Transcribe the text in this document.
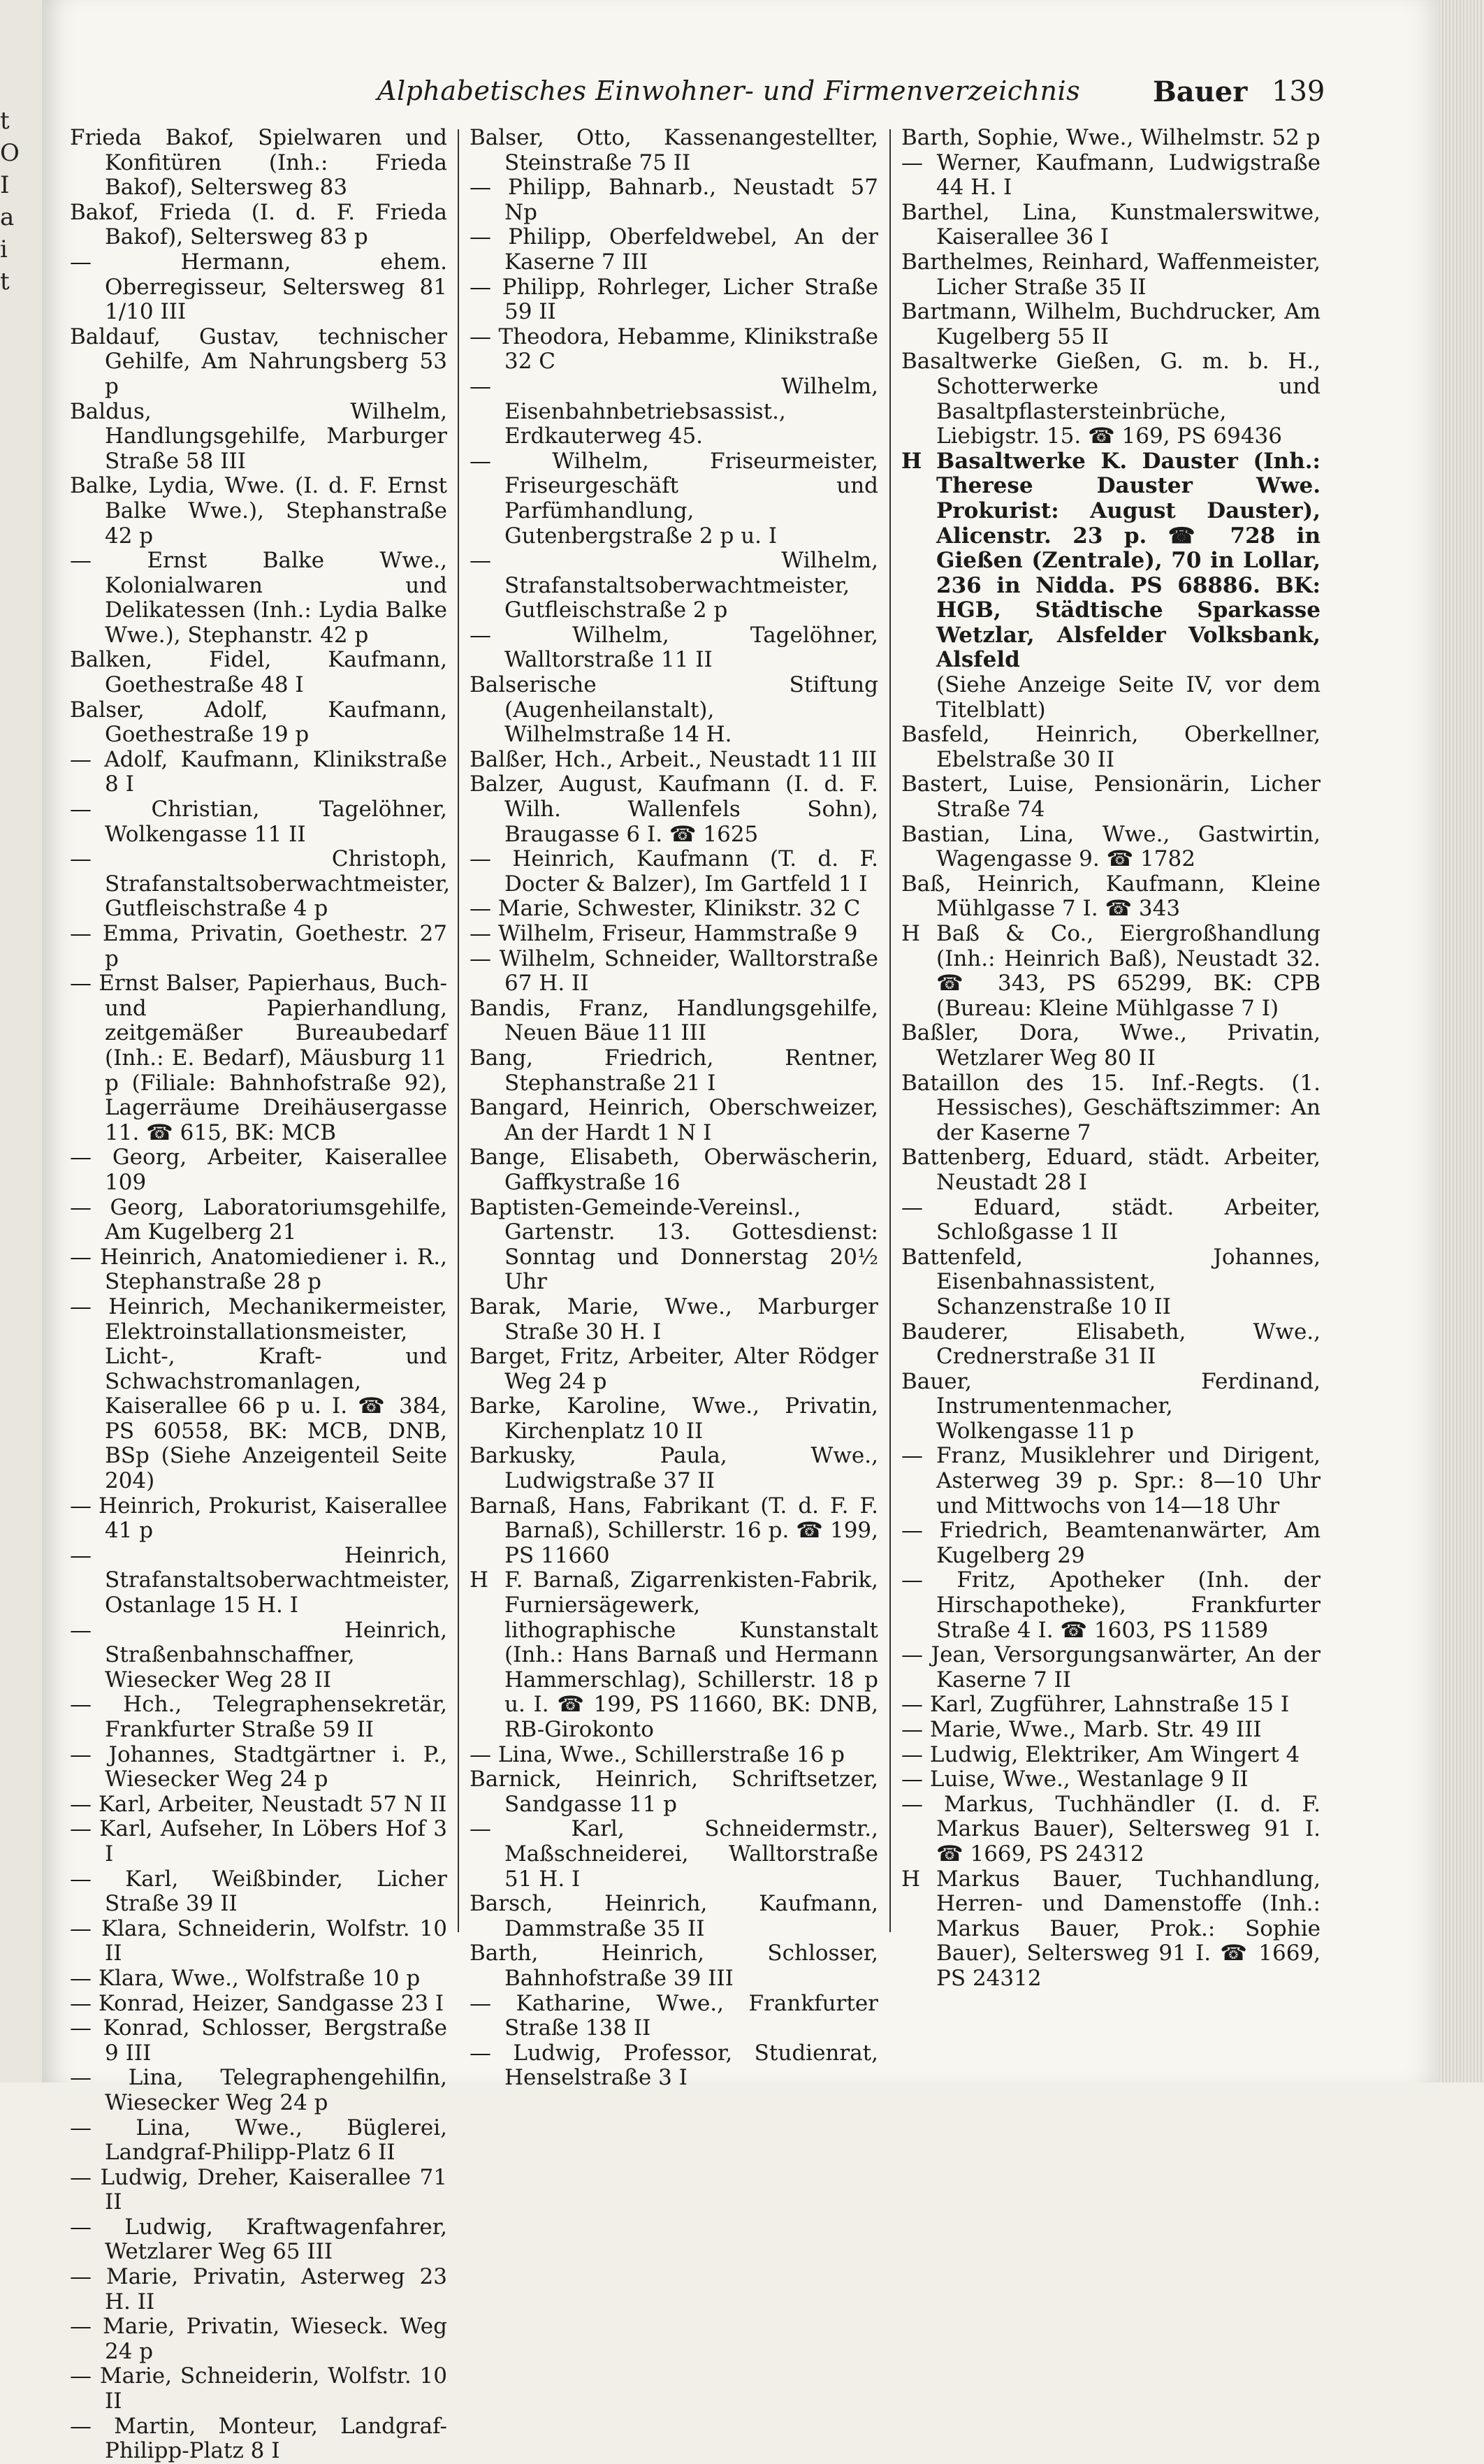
t
O
I
a
i
t
Alphabetisches Einwohner- und Firmenverzeichnis	Bauer 139

Frieda Bakof, Spielwaren und Konfitüren (Inh.: Frieda Bakof), Seltersweg 83

Bakof, Frieda (I. d. F. Frieda Bakof), Seltersweg 83 p

— Hermann, ehem. Oberregisseur, Seltersweg 81 1/10 III

Baldauf, Gustav, technischer Gehilfe, Am Nahrungsberg 53 p

Baldus, Wilhelm, Handlungsgehilfe, Marburger Straße 58 III

Balke, Lydia, Wwe. (I. d. F. Ernst Balke Wwe.), Stephanstraße 42 p

— Ernst Balke Wwe., Kolonialwaren und Delikatessen (Inh.: Lydia Balke Wwe.), Stephanstr. 42 p

Balken, Fidel, Kaufmann, Goethestraße 48 I

Balser, Adolf, Kaufmann, Goethestraße 19 p

— Adolf, Kaufmann, Klinikstraße 8 I

— Christian, Tagelöhner, Wolkengasse 11 II

— Christoph, Strafanstaltsoberwachtmeister, Gutfleischstraße 4 p

— Emma, Privatin, Goethestr. 27 p

— Ernst Balser, Papierhaus, Buch- und Papierhandlung, zeitgemäßer Bureaubedarf (Inh.: E. Bedarf), Mäusburg 11 p (Filiale: Bahnhofstraße 92), Lagerräume Dreihäusergasse 11. ☎ 615, BK: MCB

— Georg, Arbeiter, Kaiserallee 109

— Georg, Laboratoriumsgehilfe, Am Kugelberg 21

— Heinrich, Anatomiediener i. R., Stephanstraße 28 p

— Heinrich, Mechanikermeister, Elektroinstallationsmeister, Licht-, Kraft- und Schwachstromanlagen, Kaiserallee 66 p u. I. ☎ 384, PS 60558, BK: MCB, DNB, BSp (Siehe Anzeigenteil Seite 204)

— Heinrich, Prokurist, Kaiserallee 41 p

— Heinrich, Strafanstaltsoberwachtmeister, Ostanlage 15 H. I

— Heinrich, Straßenbahnschaffner, Wiesecker Weg 28 II

— Hch., Telegraphensekretär, Frankfurter Straße 59 II

— Johannes, Stadtgärtner i. P., Wiesecker Weg 24 p

— Karl, Arbeiter, Neustadt 57 N II

— Karl, Aufseher, In Löbers Hof 3 I

— Karl, Weißbinder, Licher Straße 39 II

— Klara, Schneiderin, Wolfstr. 10 II

— Klara, Wwe., Wolfstraße 10 p

— Konrad, Heizer, Sandgasse 23 I

— Konrad, Schlosser, Bergstraße 9 III

— Lina, Telegraphengehilfin, Wiesecker Weg 24 p

— Lina, Wwe., Büglerei, Landgraf-Philipp-Platz 6 II

— Ludwig, Dreher, Kaiserallee 71 II

— Ludwig, Kraftwagenfahrer, Wetzlarer Weg 65 III

— Marie, Privatin, Asterweg 23 H. II

— Marie, Privatin, Wieseck. Weg 24 p

— Marie, Schneiderin, Wolfstr. 10 II

— Martin, Monteur, Landgraf-Philipp-Platz 8 I

Balser, Otto, Kassenangestellter, Steinstraße 75 II

— Philipp, Bahnarb., Neustadt 57 Np

— Philipp, Oberfeldwebel, An der Kaserne 7 III

— Philipp, Rohrleger, Licher Straße 59 II

— Theodora, Hebamme, Klinikstraße 32 C

— Wilhelm, Eisenbahnbetriebsassist., Erdkauterweg 45.

— Wilhelm, Friseurmeister, Friseurgeschäft und Parfümhandlung, Gutenbergstraße 2 p u. I

— Wilhelm, Strafanstaltsoberwachtmeister, Gutfleischstraße 2 p

— Wilhelm, Tagelöhner, Walltorstraße 11 II

Balserische Stiftung (Augenheilanstalt), Wilhelmstraße 14 H.

Balßer, Hch., Arbeit., Neustadt 11 III

Balzer, August, Kaufmann (I. d. F. Wilh. Wallenfels Sohn), Braugasse 6 I. ☎ 1625

— Heinrich, Kaufmann (T. d. F. Docter & Balzer), Im Gartfeld 1 I

— Marie, Schwester, Klinikstr. 32 C

— Wilhelm, Friseur, Hammstraße 9

— Wilhelm, Schneider, Walltorstraße 67 H. II

Bandis, Franz, Handlungsgehilfe, Neuen Bäue 11 III

Bang, Friedrich, Rentner, Stephanstraße 21 I

Bangard, Heinrich, Oberschweizer, An der Hardt 1 N I

Bange, Elisabeth, Oberwäscherin, Gaffkystraße 16

Baptisten-Gemeinde-Vereinsl., Gartenstr. 13. Gottesdienst: Sonntag und Donnerstag 20½ Uhr

Barak, Marie, Wwe., Marburger Straße 30 H. I

Barget, Fritz, Arbeiter, Alter Rödger Weg 24 p

Barke, Karoline, Wwe., Privatin, Kirchenplatz 10 II

Barkusky, Paula, Wwe., Ludwigstraße 37 II

Barnaß, Hans, Fabrikant (T. d. F. F. Barnaß), Schillerstr. 16 p. ☎ 199, PS 11660

H F. Barnaß, Zigarrenkisten-Fabrik, Furniersägewerk, lithographische Kunstanstalt (Inh.: Hans Barnaß und Hermann Hammerschlag), Schillerstr. 18 p u. I. ☎ 199, PS 11660, BK: DNB, RB-Girokonto

— Lina, Wwe., Schillerstraße 16 p

Barnick, Heinrich, Schriftsetzer, Sandgasse 11 p

— Karl, Schneidermstr., Maßschneiderei, Walltorstraße 51 H. I

Barsch, Heinrich, Kaufmann, Dammstraße 35 II

Barth, Heinrich, Schlosser, Bahnhofstraße 39 III

— Katharine, Wwe., Frankfurter Straße 138 II

— Ludwig, Professor, Studienrat, Henselstraße 3 I

Barth, Sophie, Wwe., Wilhelmstr. 52 p

— Werner, Kaufmann, Ludwigstraße 44 H. I

Barthel, Lina, Kunstmalerswitwe, Kaiserallee 36 I

Barthelmes, Reinhard, Waffenmeister, Licher Straße 35 II

Bartmann, Wilhelm, Buchdrucker, Am Kugelberg 55 II

Basaltwerke Gießen, G. m. b. H., Schotterwerke und Basaltpflastersteinbrüche, Liebigstr. 15. ☎ 169, PS 69436

H Basaltwerke K. Dauster (Inh.: Therese Dauster Wwe. Prokurist: August Dauster), Alicenstr. 23 p. ☎ 728 in Gießen (Zentrale), 70 in Lollar, 236 in Nidda. PS 68886. BK: HGB, Städtische Sparkasse Wetzlar, Alsfelder Volksbank, Alsfeld

(Siehe Anzeige Seite IV, vor dem Titelblatt)

Basfeld, Heinrich, Oberkellner, Ebelstraße 30 II

Bastert, Luise, Pensionärin, Licher Straße 74

Bastian, Lina, Wwe., Gastwirtin, Wagengasse 9. ☎ 1782

Baß, Heinrich, Kaufmann, Kleine Mühlgasse 7 I. ☎ 343

H Baß & Co., Eiergroßhandlung (Inh.: Heinrich Baß), Neustadt 32. ☎ 343, PS 65299, BK: CPB (Bureau: Kleine Mühlgasse 7 I)

Baßler, Dora, Wwe., Privatin, Wetzlarer Weg 80 II

Bataillon des 15. Inf.-Regts. (1. Hessisches), Geschäftszimmer: An der Kaserne 7

Battenberg, Eduard, städt. Arbeiter, Neustadt 28 I

— Eduard, städt. Arbeiter, Schloßgasse 1 II

Battenfeld, Johannes, Eisenbahnassistent, Schanzenstraße 10 II

Bauderer, Elisabeth, Wwe., Crednerstraße 31 II

Bauer, Ferdinand, Instrumentenmacher, Wolkengasse 11 p

— Franz, Musiklehrer und Dirigent, Asterweg 39 p. Spr.: 8—10 Uhr und Mittwochs von 14—18 Uhr

— Friedrich, Beamtenanwärter, Am Kugelberg 29

— Fritz, Apotheker (Inh. der Hirschapotheke), Frankfurter Straße 4 I. ☎ 1603, PS 11589

— Jean, Versorgungsanwärter, An der Kaserne 7 II

— Karl, Zugführer, Lahnstraße 15 I

— Marie, Wwe., Marb. Str. 49 III

— Ludwig, Elektriker, Am Wingert 4

— Luise, Wwe., Westanlage 9 II

— Markus, Tuchhändler (I. d. F. Markus Bauer), Seltersweg 91 I. ☎ 1669, PS 24312

H Markus Bauer, Tuchhandlung, Herren- und Damenstoffe (Inh.: Markus Bauer, Prok.: Sophie Bauer), Seltersweg 91 I. ☎ 1669, PS 24312
